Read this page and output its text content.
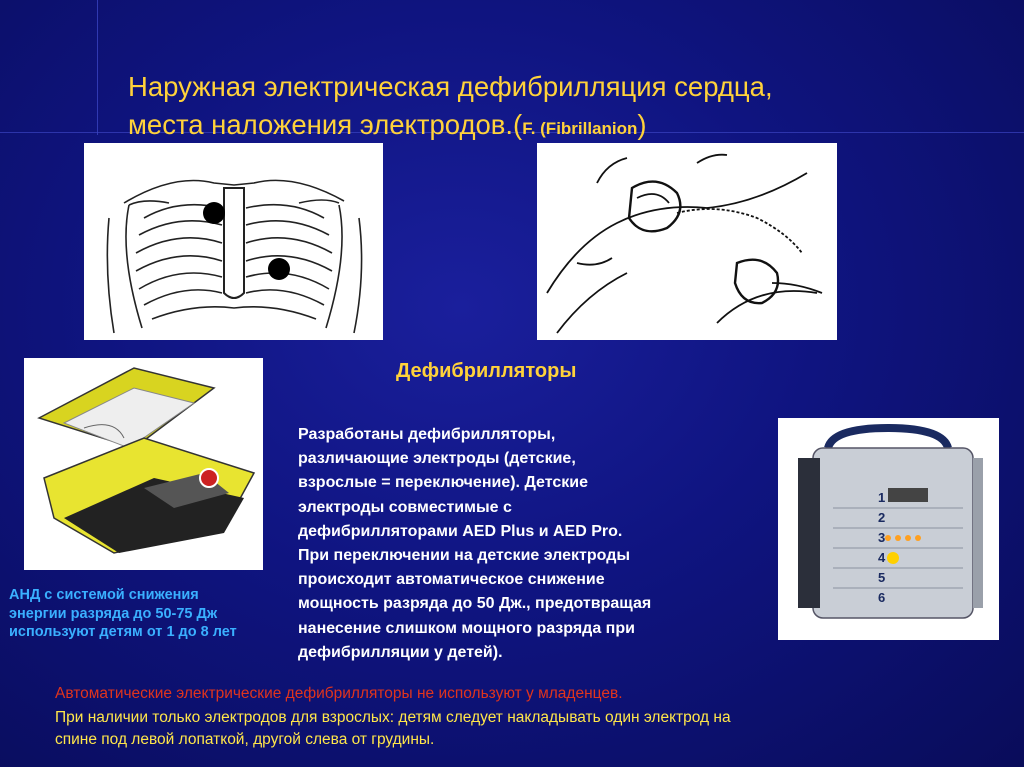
Наружная электрическая дефибрилляция сердца,
места наложения электродов.(F. (Fibrillanion)
Дефибрилляторы
АНД с системой снижения
энергии разряда до 50-75 Дж
используют детям от 1 до 8 лет
Разработаны дефибрилляторы,
различающие электроды (детские,
взрослые = переключение). Детские
электроды совместимые с
дефибрилляторами AED Plus и AED Pro.
При переключении на детские электроды
происходит автоматическое снижение
мощность разряда до 50 Дж., предотвращая
нанесение слишком мощного разряда при
дефибрилляции у детей).
1
2
3
4
5
6
Автоматические электрические дефибрилляторы не используют у младенцев.
При наличии только электродов для взрослых: детям следует накладывать один электрод на
спине под левой лопаткой, другой слева от грудины.
